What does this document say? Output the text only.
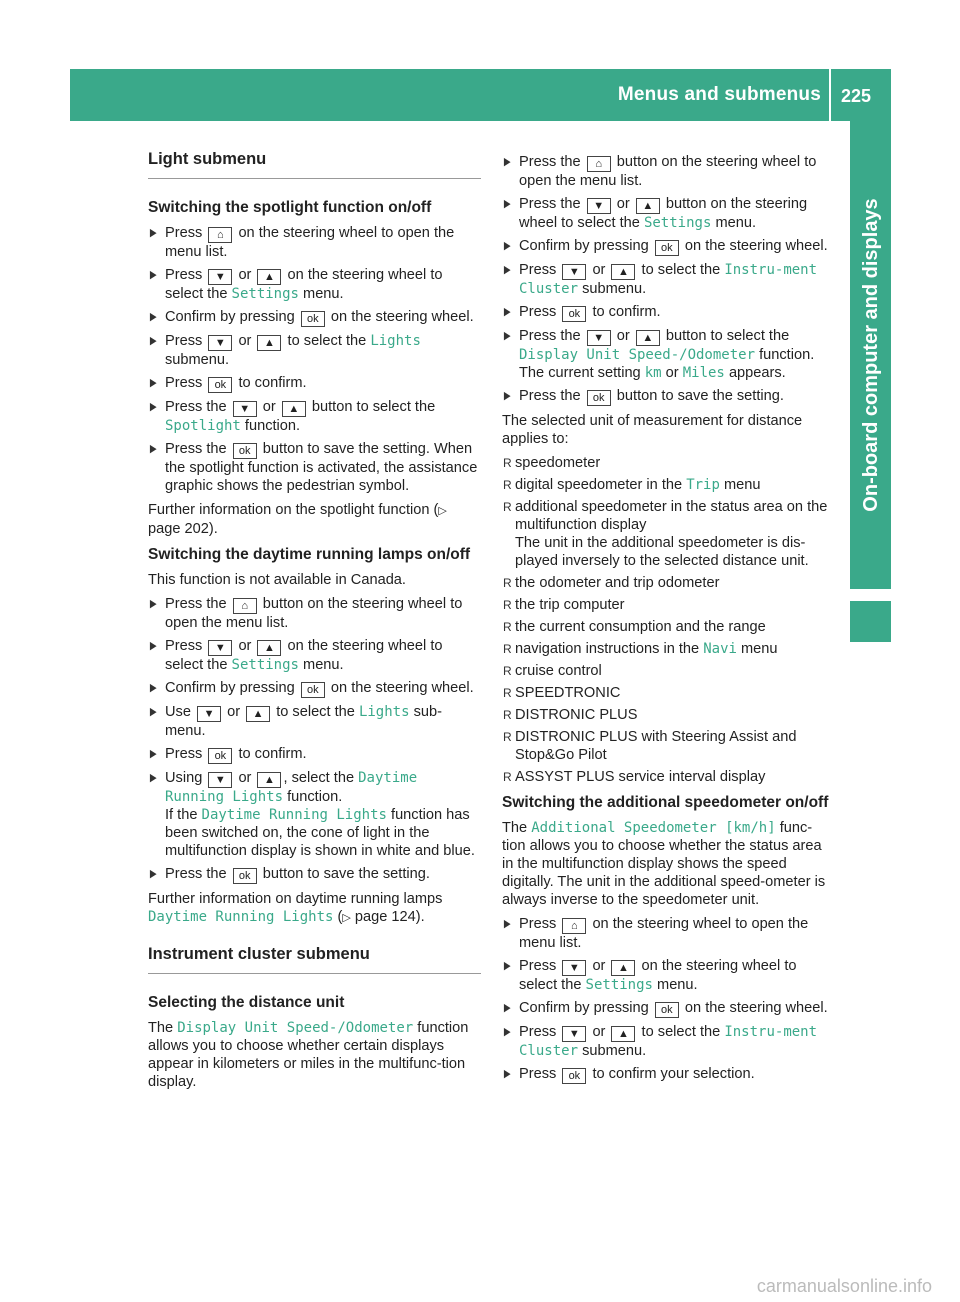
Menus and submenus 225
On-board computer and displays
Light submenu
Switching the spotlight function on/off
▶ Press ⌂ on the steering wheel to open the menu list.
▶ Press ▼ or ▲ on the steering wheel to select the Settings menu.
▶ Confirm by pressing ok on the steering wheel.
▶ Press ▼ or ▲ to select the Lights submenu.
▶ Press ok to confirm.
▶ Press the ▼ or ▲ button to select the Spotlight function.
▶ Press the ok button to save the setting. When the spotlight function is activated, the assistance graphic shows the pedestrian symbol.

Further information on the spotlight function (▷ page 202).

Switching the daytime running lamps on/off

This function is not available in Canada.

▶ Press the ⌂ button on the steering wheel to open the menu list.
▶ Press ▼ or ▲ on the steering wheel to select the Settings menu.
▶ Confirm by pressing ok on the steering wheel.
▶ Use ▼ or ▲ to select the Lights sub-menu.
▶ Press ok to confirm.
▶ Using ▼ or ▲ , select the Daytime Running Lights function.
If the Daytime Running Lights function has been switched on, the cone of light in the multifunction display is shown in white and blue.
▶ Press the ok button to save the setting.

Further information on daytime running lamps
Daytime Running Lights (▷ page 124).

Instrument cluster submenu
Selecting the distance unit

The Display Unit Speed-/Odometer function allows you to choose whether certain displays appear in kilometers or miles in the multifunc-tion display.

▶ Press the ⌂ button on the steering wheel to open the menu list.
▶ Press the ▼ or ▲ button on the steering wheel to select the Settings menu.
▶ Confirm by pressing ok on the steering wheel.
▶ Press ▼ or ▲ to select the Instru‐ment Cluster submenu.
▶ Press ok to confirm.
▶ Press the ▼ or ▲ button to select the Display Unit Speed-/Odometer function.
The current setting km or Miles appears.
▶ Press the ok button to save the setting.

The selected unit of measurement for distance applies to:

R speedometer
R digital speedometer in the Trip menu
R additional speedometer in the status area on the multifunction display
The unit in the additional speedometer is dis-played inversely to the selected distance unit.
R the odometer and trip odometer
R the trip computer
R the current consumption and the range
R navigation instructions in the Navi menu
R cruise control
R SPEEDTRONIC
R DISTRONIC PLUS
R DISTRONIC PLUS with Steering Assist and Stop&Go Pilot
R ASSYST PLUS service interval display
Switching the additional speedometer on/off

The Additional Speedometer [km/h] func-tion allows you to choose whether the status area in the multifunction display shows the speed digitally. The unit in the additional speed-ometer is always inverse to the speedometer unit.

▶ Press ⌂ on the steering wheel to open the menu list.
▶ Press ▼ or ▲ on the steering wheel to select the Settings menu.
▶ Confirm by pressing ok on the steering wheel.
▶ Press ▼ or ▲ to select the Instru‐ment Cluster submenu.
▶ Press ok to confirm your selection.
carmanualsonline.info
